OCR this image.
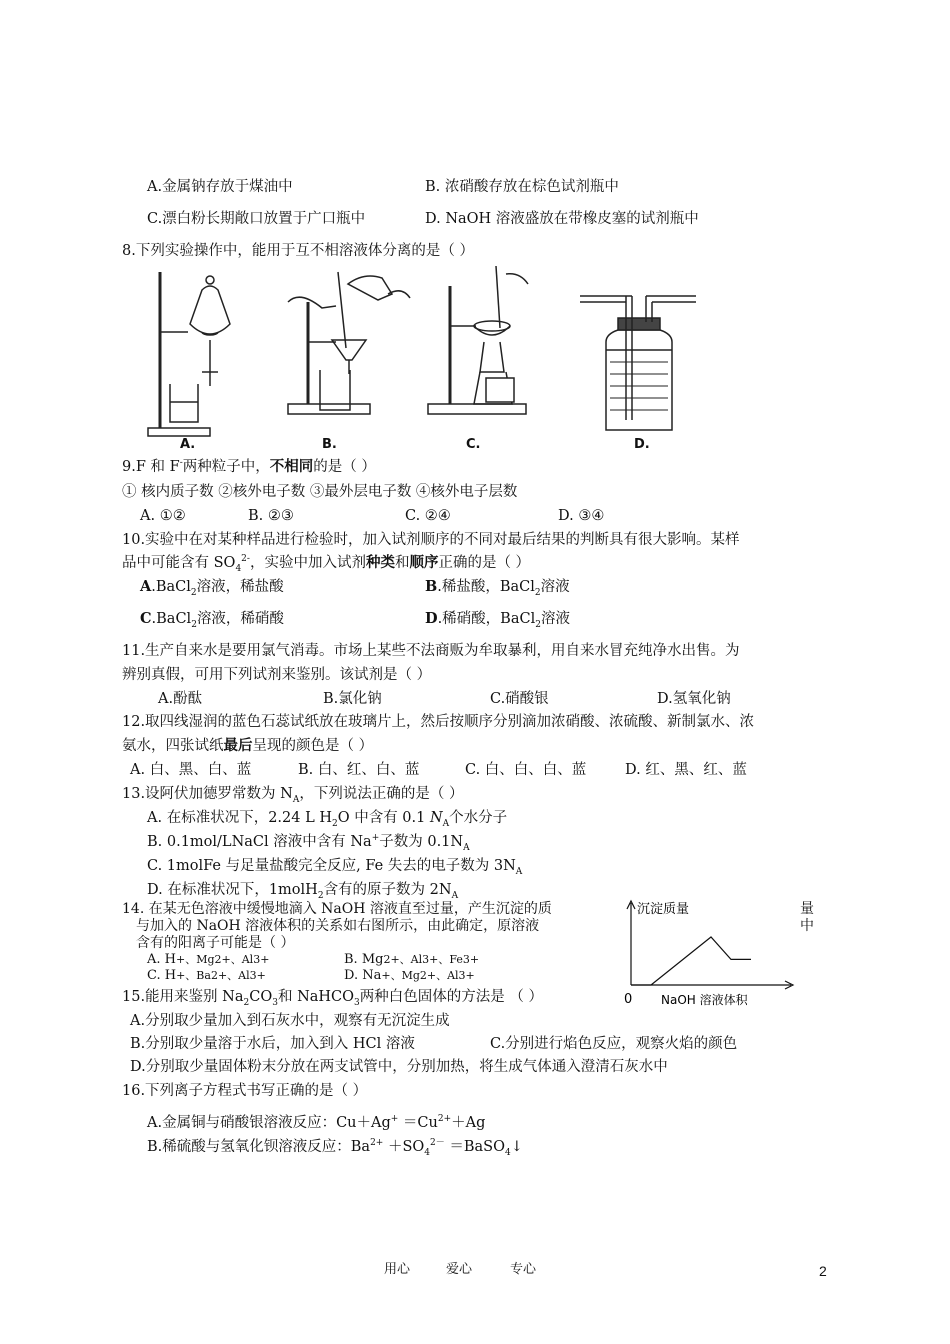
A.金属钠存放于煤油中	B. 浓硝酸存放在棕色试剂瓶中
C.漂白粉长期敞口放置于广口瓶中	D. NaOH 溶液盛放在带橡皮塞的试剂瓶中
8.下列实验操作中，能用于互不相溶液体分离的是（ ）
A.	B.	C.	D.
9.F 和 F-两种粒子中，不相同的是（ ）
① 核内质子数 ②核外电子数 ③最外层电子数 ④核外电子层数
A. ①②	B. ②③	C. ②④	D. ③④
10.实验中在对某种样品进行检验时，加入试剂顺序的不同对最后结果的判断具有很大影响。某样
品中可能含有 $SO_4^{2-}$，实验中加入试剂种类和顺序正确的是（ ）
A.BaCl$_2$溶液，稀盐酸	B.稀盐酸，BaCl$_2$溶液
C.BaCl$_2$溶液，稀硝酸	D.稀硝酸，BaCl$_2$溶液
11.生产自来水是要用氯气消毒。市场上某些不法商贩为牟取暴利，用自来水冒充纯净水出售。为
辨别真假，可用下列试剂来鉴别。该试剂是（ ）
A.酚酞	B.氯化钠	C.硝酸银	D.氢氧化钠
12.取四线湿润的蓝色石蕊试纸放在玻璃片上，然后按顺序分别滴加浓硝酸、浓硫酸、新制氯水、浓
氨水，四张试纸最后呈现的颜色是（ ）
A. 白、黑、白、蓝	B. 白、红、白、蓝	C. 白、白、白、蓝	D. 红、黑、红、蓝
13.设阿伏加德罗常数为 $N_A$，下列说法正确的是（ ）
A. 在标准状况下，2.24 L $H_2O$ 中含有 0.1 $N_A$个水分子
B. 0.1mol/LNaCl 溶液中含有 Na+子数为 $0.1N_A$
C. 1molFe 与足量盐酸完全反应, Fe 失去的电子数为 $3N_A$
D. 在标准状况下，1molH$_2$含有的原子数为 $2N_A$
14. 在某无色溶液中缓慢地滴入 NaOH 溶液直至过量，产生沉淀的质	量
与加入的 NaOH 溶液体积的关系如右图所示，由此确定，原溶液	中
含有的阳离子可能是（ ）
A. H+、Mg2+、Al3+	B. Mg2+、Al3+、Fe3+
C. H+、Ba2+、Al3+	D. Na+、Mg2+、Al3+
沉淀质量
NaOH 溶液体积
0
15.能用来鉴别 $Na_2CO_3$和 NaHCO$_3$两种白色固体的方法是 （ ）
A.分别取少量加入到石灰水中，观察有无沉淀生成
B.分别取少量溶于水后，加入到入 HCl 溶液	C.分别进行焰色反应，观察火焰的颜色
D.分别取少量固体粉末分放在两支试管中，分别加热，将生成气体通入澄清石灰水中
16.下列离子方程式书写正确的是（ ）
A.金属铜与硝酸银溶液反应：$Cu+Ag^+ =Cu^{2+}+Ag$
B.稀硫酸与氢氧化钡溶液反应：$Ba^{2+} +SO_4^{2-}$ ＝BaSO$_4$↓
用心	爱心	专心	2
